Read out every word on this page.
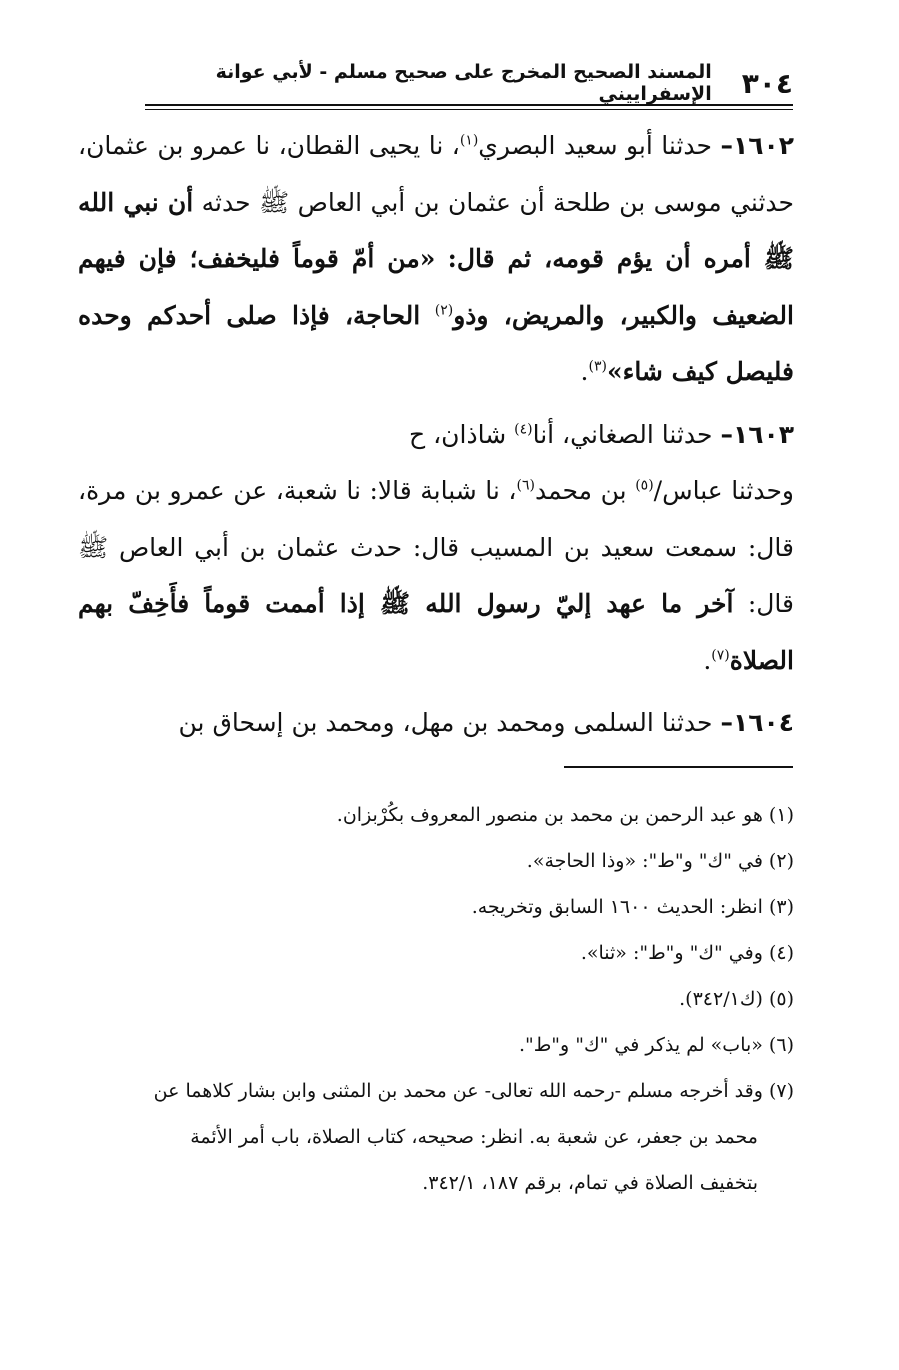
٣٠٤
المسند الصحيح المخرج على صحيح مسلم - لأبي عوانة الإسفراييني

١٦٠٢– حدثنا أبو سعيد البصري$^{(١)}$، نا يحيى القطان، نا عمرو بن عثمان، حدثني موسى بن طلحة أن عثمان بن أبي العاص ﷺ حدثه أن نبي الله ﷺ أمره أن يؤم قومه، ثم قال: «من أمّ قوماً فليخفف؛ فإن فيهم الضعيف والكبير، والمريض، وذو$^{(٢)}$ الحاجة، فإذا صلى أحدكم وحده فليصل كيف شاء»$^{(٣)}$.

١٦٠٣– حدثنا الصغاني، أنا$^{(٤)}$ شاذان، ح

وحدثنا عباس/$^{(٥)}$ بن محمد$^{(٦)}$، نا شبابة قالا: نا شعبة، عن عمرو بن مرة، قال: سمعت سعيد بن المسيب قال: حدث عثمان بن أبي العاص ﷺ قال: آخر ما عهد إليّ رسول الله ﷺ إذا أممت قوماً فأَخِفّ بهم الصلاة$^{(٧)}$.

١٦٠٤– حدثنا السلمى ومحمد بن مهل، ومحمد بن إسحاق بن

(١) هو عبد الرحمن بن محمد بن منصور المعروف بكُرْبزان.

(٢) في "ك" و"ط": «وذا الحاجة».

(٣) انظر: الحديث ١٦٠٠ السابق وتخريجه.

(٤) وفي "ك" و"ط": «ثنا».

(٥) (ك٣٤٢/١).

(٦) «باب» لم يذكر في "ك" و"ط".

(٧) وقد أخرجه مسلم -رحمه الله تعالى- عن محمد بن المثنى وابن بشار كلاهما عن

محمد بن جعفر، عن شعبة به. انظر: صحيحه، كتاب الصلاة، باب أمر الأئمة

بتخفيف الصلاة في تمام، برقم ١٨٧، ٣٤٢/١.
